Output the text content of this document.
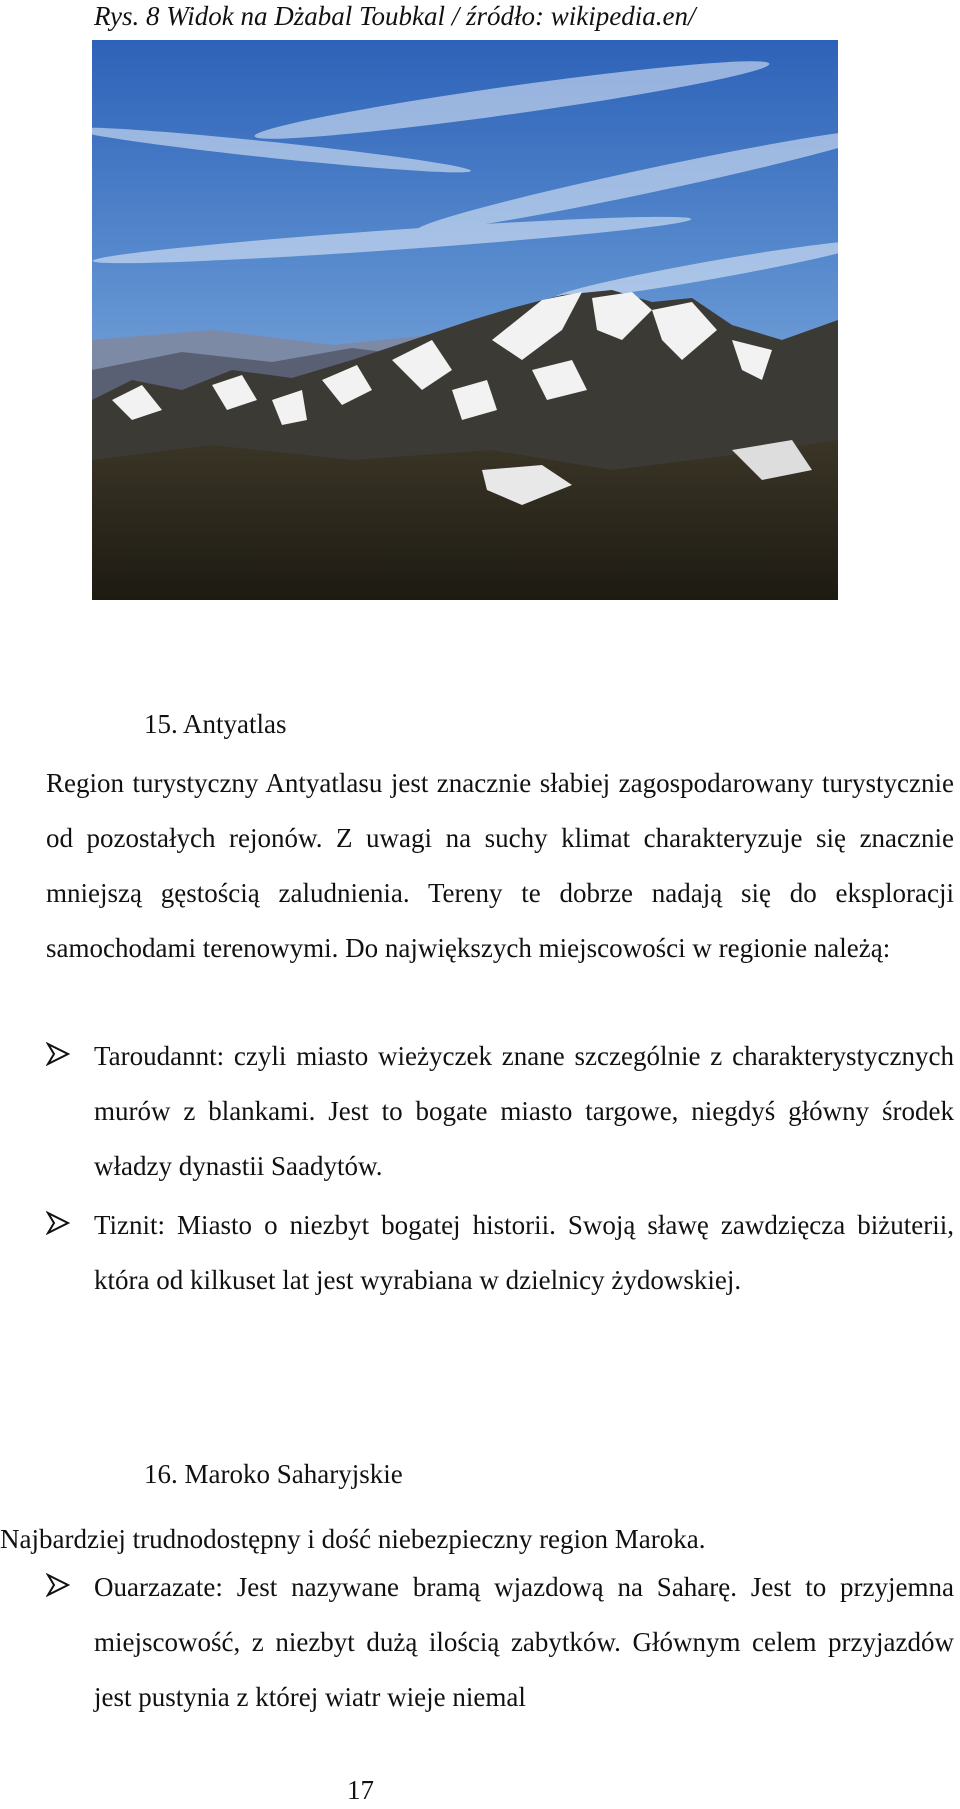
Rys. 8 Widok na Dżabal Toubkal / źródło: wikipedia.en/
15. Antyatlas

Region turystyczny Antyatlasu jest znacznie słabiej zagospodarowany turystycznie od pozostałych rejonów. Z uwagi na suchy klimat charakteryzuje się znacznie mniejszą gęstością zaludnienia. Tereny te dobrze nadają się do eksploracji samochodami terenowymi. Do największych miejscowości w regionie należą:

Taroudannt: czyli miasto wieżyczek znane szczególnie z charakterystycznych murów z blankami. Jest to bogate miasto targowe, niegdyś główny środek władzy dynastii Saadytów.
Tiznit: Miasto o niezbyt bogatej historii. Swoją sławę zawdzięcza biżuterii, która od kilkuset lat jest wyrabiana w dzielnicy żydowskiej.
16. Maroko Saharyjskie

Najbardziej trudnodostępny i dość niebezpieczny region Maroka.

Ouarzazate: Jest nazywane bramą wjazdową na Saharę. Jest to przyjemna miejscowość, z niezbyt dużą ilością zabytków. Głównym celem przyjazdów jest pustynia z której wiatr wieje niemal
17
